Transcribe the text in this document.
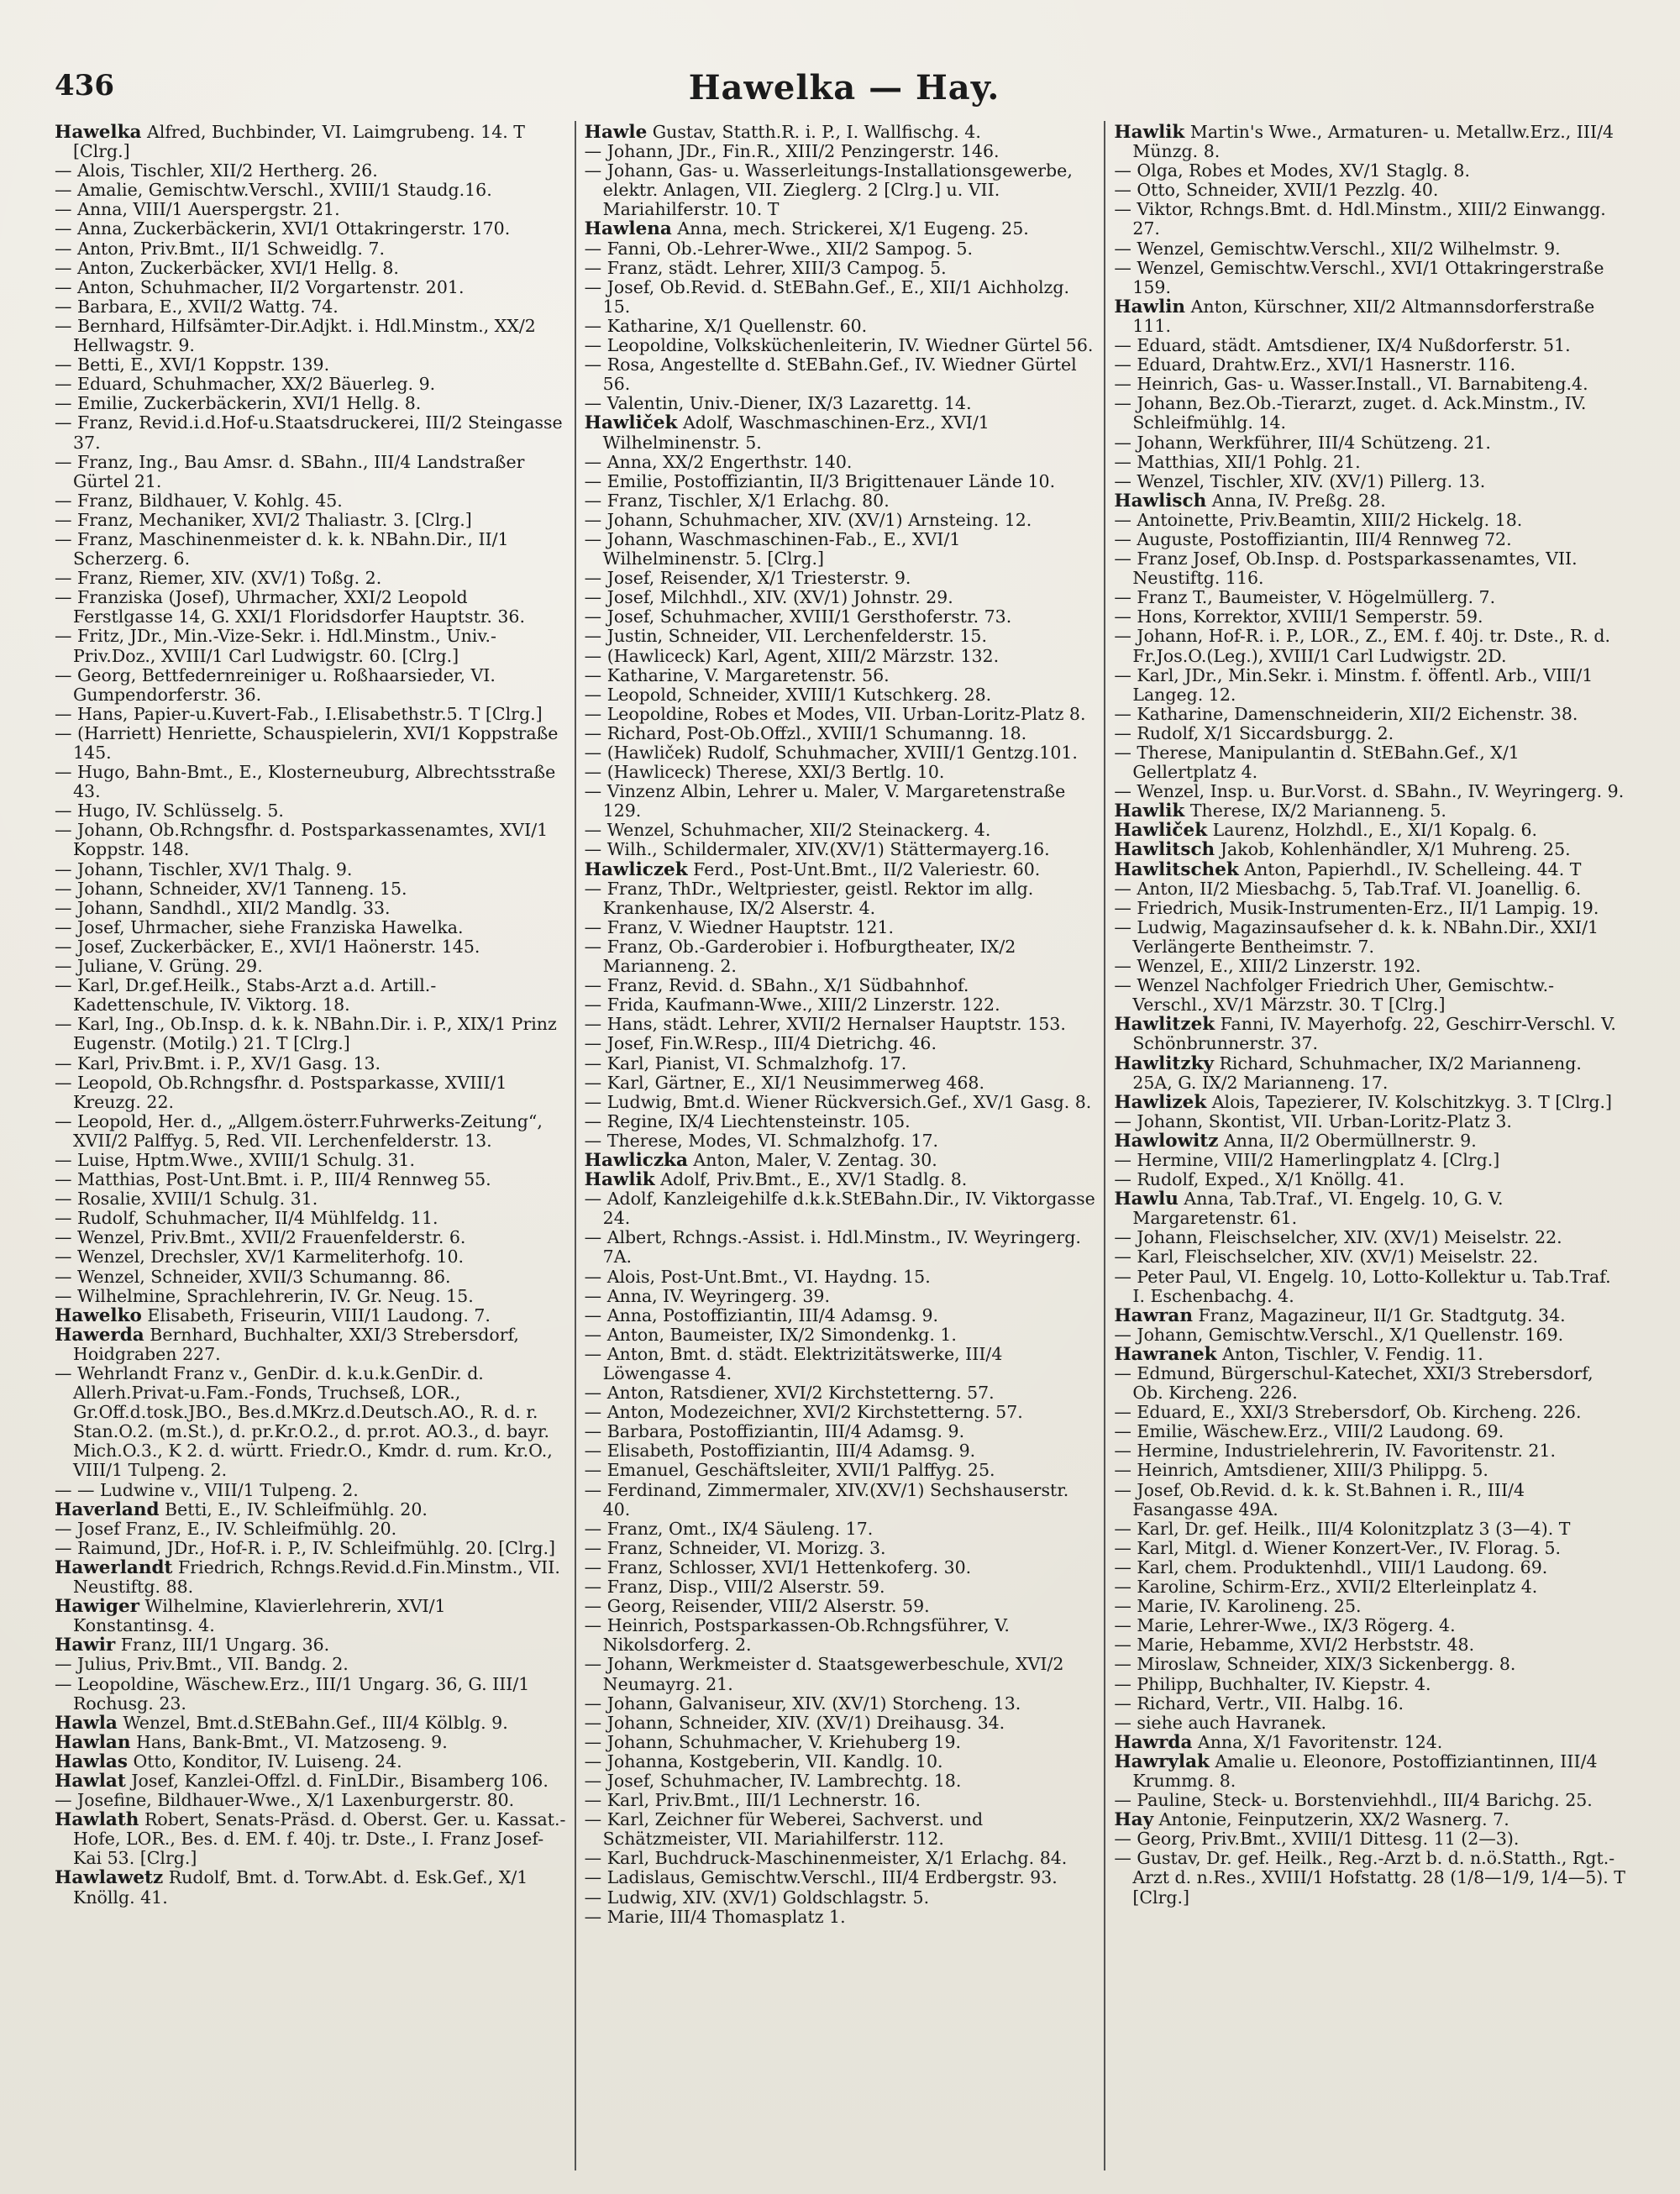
436	Hawelka — Hay.
Hawelka Alfred, Buchbinder, VI. Laimgrubeng. 14. T [Clrg.]
— Alois, Tischler, XII/2 Hertherg. 26.
— Amalie, Gemischtw.Verschl., XVIII/1 Staudg.16.
— Anna, VIII/1 Auerspergstr. 21.
— Anna, Zuckerbäckerin, XVI/1 Ottakringerstr. 170.
— Anton, Priv.Bmt., II/1 Schweidlg. 7.
— Anton, Zuckerbäcker, XVI/1 Hellg. 8.
— Anton, Schuhmacher, II/2 Vorgartenstr. 201.
— Barbara, E., XVII/2 Wattg. 74.
— Bernhard, Hilfsämter-Dir.Adjkt. i. Hdl.Minstm., XX/2 Hellwagstr. 9.
— Betti, E., XVI/1 Koppstr. 139.
— Eduard, Schuhmacher, XX/2 Bäuerleg. 9.
— Emilie, Zuckerbäckerin, XVI/1 Hellg. 8.
— Franz, Revid.i.d.Hof-u.Staatsdruckerei, III/2 Steingasse 37.
— Franz, Ing., Bau Amsr. d. SBahn., III/4 Landstraßer Gürtel 21.
— Franz, Bildhauer, V. Kohlg. 45.
— Franz, Mechaniker, XVI/2 Thaliastr. 3. [Clrg.]
— Franz, Maschinenmeister d. k. k. NBahn.Dir., II/1 Scherzerg. 6.
— Franz, Riemer, XIV. (XV/1) Toßg. 2.
— Franziska (Josef), Uhrmacher, XXI/2 Leopold Ferstlgasse 14, G. XXI/1 Floridsdorfer Hauptstr. 36.
— Fritz, JDr., Min.-Vize-Sekr. i. Hdl.Minstm., Univ.-Priv.Doz., XVIII/1 Carl Ludwigstr. 60. [Clrg.]
— Georg, Bettfedernreiniger u. Roßhaarsieder, VI. Gumpendorferstr. 36.
— Hans, Papier-u.Kuvert-Fab., I.Elisabethstr.5. T [Clrg.]
— (Harriett) Henriette, Schauspielerin, XVI/1 Koppstraße 145.
— Hugo, Bahn-Bmt., E., Klosterneuburg, Albrechtsstraße 43.
— Hugo, IV. Schlüsselg. 5.
— Johann, Ob.Rchngsfhr. d. Postsparkassenamtes, XVI/1 Koppstr. 148.
— Johann, Tischler, XV/1 Thalg. 9.
— Johann, Schneider, XV/1 Tanneng. 15.
— Johann, Sandhdl., XII/2 Mandlg. 33.
— Josef, Uhrmacher, siehe Franziska Hawelka.
— Josef, Zuckerbäcker, E., XVI/1 Haönerstr. 145.
— Juliane, V. Grüng. 29.
— Karl, Dr.gef.Heilk., Stabs-Arzt a.d. Artill.-Kadettenschule, IV. Viktorg. 18.
— Karl, Ing., Ob.Insp. d. k. k. NBahn.Dir. i. P., XIX/1 Prinz Eugenstr. (Motilg.) 21. T [Clrg.]
— Karl, Priv.Bmt. i. P., XV/1 Gasg. 13.
— Leopold, Ob.Rchngsfhr. d. Postsparkasse, XVIII/1 Kreuzg. 22.
— Leopold, Her. d., „Allgem.österr.Fuhrwerks-Zeitung“, XVII/2 Palffyg. 5, Red. VII. Lerchenfelderstr. 13.
— Luise, Hptm.Wwe., XVIII/1 Schulg. 31.
— Matthias, Post-Unt.Bmt. i. P., III/4 Rennweg 55.
— Rosalie, XVIII/1 Schulg. 31.
— Rudolf, Schuhmacher, II/4 Mühlfeldg. 11.
— Wenzel, Priv.Bmt., XVII/2 Frauenfelderstr. 6.
— Wenzel, Drechsler, XV/1 Karmeliterhofg. 10.
— Wenzel, Schneider, XVII/3 Schumanng. 86.
— Wilhelmine, Sprachlehrerin, IV. Gr. Neug. 15.
Hawelko Elisabeth, Friseurin, VIII/1 Laudong. 7.
Hawerda Bernhard, Buchhalter, XXI/3 Strebersdorf, Hoidgraben 227.
— Wehrlandt Franz v., GenDir. d. k.u.k.GenDir. d. Allerh.Privat-u.Fam.-Fonds, Truchseß, LOR., Gr.Off.d.tosk.JBO., Bes.d.MKrz.d.Deutsch.AO., R. d. r. Stan.O.2. (m.St.), d. pr.Kr.O.2., d. pr.rot. AO.3., d. bayr. Mich.O.3., K 2. d. württ. Friedr.O., Kmdr. d. rum. Kr.O., VIII/1 Tulpeng. 2.
— — Ludwine v., VIII/1 Tulpeng. 2.
Haverland Betti, E., IV. Schleifmühlg. 20.
— Josef Franz, E., IV. Schleifmühlg. 20.
— Raimund, JDr., Hof-R. i. P., IV. Schleifmühlg. 20. [Clrg.]
Hawerlandt Friedrich, Rchngs.Revid.d.Fin.Minstm., VII. Neustiftg. 88.
Hawiger Wilhelmine, Klavierlehrerin, XVI/1 Konstantinsg. 4.
Hawir Franz, III/1 Ungarg. 36.
— Julius, Priv.Bmt., VII. Bandg. 2.
— Leopoldine, Wäschew.Erz., III/1 Ungarg. 36, G. III/1 Rochusg. 23.
Hawla Wenzel, Bmt.d.StEBahn.Gef., III/4 Kölblg. 9.
Hawlan Hans, Bank-Bmt., VI. Matzoseng. 9.
Hawlas Otto, Konditor, IV. Luiseng. 24.
Hawlat Josef, Kanzlei-Offzl. d. FinLDir., Bisamberg 106.
— Josefine, Bildhauer-Wwe., X/1 Laxenburgerstr. 80.
Hawlath Robert, Senats-Präsd. d. Oberst. Ger. u. Kassat.-Hofe, LOR., Bes. d. EM. f. 40j. tr. Dste., I. Franz Josef-Kai 53. [Clrg.]
Hawlawetz Rudolf, Bmt. d. Torw.Abt. d. Esk.Gef., X/1 Knöllg. 41.
Hawle Gustav, Statth.R. i. P., I. Wallfischg. 4.
— Johann, JDr., Fin.R., XIII/2 Penzingerstr. 146.
— Johann, Gas- u. Wasserleitungs-Installationsgewerbe, elektr. Anlagen, VII. Zieglerg. 2 [Clrg.] u. VII. Mariahilferstr. 10. T
Hawlena Anna, mech. Strickerei, X/1 Eugeng. 25.
— Fanni, Ob.-Lehrer-Wwe., XII/2 Sampog. 5.
— Franz, städt. Lehrer, XIII/3 Campog. 5.
— Josef, Ob.Revid. d. StEBahn.Gef., E., XII/1 Aichholzg. 15.
— Katharine, X/1 Quellenstr. 60.
— Leopoldine, Volksküchenleiterin, IV. Wiedner Gürtel 56.
— Rosa, Angestellte d. StEBahn.Gef., IV. Wiedner Gürtel 56.
— Valentin, Univ.-Diener, IX/3 Lazarettg. 14.
Hawliček Adolf, Waschmaschinen-Erz., XVI/1 Wilhelminenstr. 5.
— Anna, XX/2 Engerthstr. 140.
— Emilie, Postoffiziantin, II/3 Brigittenauer Lände 10.
— Franz, Tischler, X/1 Erlachg. 80.
— Johann, Schuhmacher, XIV. (XV/1) Arnsteing. 12.
— Johann, Waschmaschinen-Fab., E., XVI/1 Wilhelminenstr. 5. [Clrg.]
— Josef, Reisender, X/1 Triesterstr. 9.
— Josef, Milchhdl., XIV. (XV/1) Johnstr. 29.
— Josef, Schuhmacher, XVIII/1 Gersthoferstr. 73.
— Justin, Schneider, VII. Lerchenfelderstr. 15.
— (Hawliceck) Karl, Agent, XIII/2 Märzstr. 132.
— Katharine, V. Margaretenstr. 56.
— Leopold, Schneider, XVIII/1 Kutschkerg. 28.
— Leopoldine, Robes et Modes, VII. Urban-Loritz-Platz 8.
— Richard, Post-Ob.Offzl., XVIII/1 Schumanng. 18.
— (Hawliček) Rudolf, Schuhmacher, XVIII/1 Gentzg.101.
— (Hawliceck) Therese, XXI/3 Bertlg. 10.
— Vinzenz Albin, Lehrer u. Maler, V. Margaretenstraße 129.
— Wenzel, Schuhmacher, XII/2 Steinackerg. 4.
— Wilh., Schildermaler, XIV.(XV/1) Stättermayerg.16.
Hawliczek Ferd., Post-Unt.Bmt., II/2 Valeriestr. 60.
— Franz, ThDr., Weltpriester, geistl. Rektor im allg. Krankenhause, IX/2 Alserstr. 4.
— Franz, V. Wiedner Hauptstr. 121.
— Franz, Ob.-Garderobier i. Hofburgtheater, IX/2 Marianneng. 2.
— Franz, Revid. d. SBahn., X/1 Südbahnhof.
— Frida, Kaufmann-Wwe., XIII/2 Linzerstr. 122.
— Hans, städt. Lehrer, XVII/2 Hernalser Hauptstr. 153.
— Josef, Fin.W.Resp., III/4 Dietrichg. 46.
— Karl, Pianist, VI. Schmalzhofg. 17.
— Karl, Gärtner, E., XI/1 Neusimmerweg 468.
— Ludwig, Bmt.d. Wiener Rückversich.Gef., XV/1 Gasg. 8.
— Regine, IX/4 Liechtensteinstr. 105.
— Therese, Modes, VI. Schmalzhofg. 17.
Hawliczka Anton, Maler, V. Zentag. 30.
Hawlik Adolf, Priv.Bmt., E., XV/1 Stadlg. 8.
— Adolf, Kanzleigehilfe d.k.k.StEBahn.Dir., IV. Viktorgasse 24.
— Albert, Rchngs.-Assist. i. Hdl.Minstm., IV. Weyringerg. 7A.
— Alois, Post-Unt.Bmt., VI. Haydng. 15.
— Anna, IV. Weyringerg. 39.
— Anna, Postoffiziantin, III/4 Adamsg. 9.
— Anton, Baumeister, IX/2 Simondenkg. 1.
— Anton, Bmt. d. städt. Elektrizitätswerke, III/4 Löwengasse 4.
— Anton, Ratsdiener, XVI/2 Kirchstetterng. 57.
— Anton, Modezeichner, XVI/2 Kirchstetterng. 57.
— Barbara, Postoffiziantin, III/4 Adamsg. 9.
— Elisabeth, Postoffiziantin, III/4 Adamsg. 9.
— Emanuel, Geschäftsleiter, XVII/1 Palffyg. 25.
— Ferdinand, Zimmermaler, XIV.(XV/1) Sechshauserstr. 40.
— Franz, Omt., IX/4 Säuleng. 17.
— Franz, Schneider, VI. Morizg. 3.
— Franz, Schlosser, XVI/1 Hettenkoferg. 30.
— Franz, Disp., VIII/2 Alserstr. 59.
— Georg, Reisender, VIII/2 Alserstr. 59.
— Heinrich, Postsparkassen-Ob.Rchngsführer, V. Nikolsdorferg. 2.
— Johann, Werkmeister d. Staatsgewerbeschule, XVI/2 Neumayrg. 21.
— Johann, Galvaniseur, XIV. (XV/1) Storcheng. 13.
— Johann, Schneider, XIV. (XV/1) Dreihausg. 34.
— Johann, Schuhmacher, V. Kriehuberg 19.
— Johanna, Kostgeberin, VII. Kandlg. 10.
— Josef, Schuhmacher, IV. Lambrechtg. 18.
— Karl, Priv.Bmt., III/1 Lechnerstr. 16.
— Karl, Zeichner für Weberei, Sachverst. und Schätzmeister, VII. Mariahilferstr. 112.
— Karl, Buchdruck-Maschinenmeister, X/1 Erlachg. 84.
— Ladislaus, Gemischtw.Verschl., III/4 Erdbergstr. 93.
— Ludwig, XIV. (XV/1) Goldschlagstr. 5.
— Marie, III/4 Thomasplatz 1.
Hawlik Martin's Wwe., Armaturen- u. Metallw.Erz., III/4 Münzg. 8.
— Olga, Robes et Modes, XV/1 Staglg. 8.
— Otto, Schneider, XVII/1 Pezzlg. 40.
— Viktor, Rchngs.Bmt. d. Hdl.Minstm., XIII/2 Einwangg. 27.
— Wenzel, Gemischtw.Verschl., XII/2 Wilhelmstr. 9.
— Wenzel, Gemischtw.Verschl., XVI/1 Ottakringerstraße 159.
Hawlin Anton, Kürschner, XII/2 Altmannsdorferstraße 111.
— Eduard, städt. Amtsdiener, IX/4 Nußdorferstr. 51.
— Eduard, Drahtw.Erz., XVI/1 Hasnerstr. 116.
— Heinrich, Gas- u. Wasser.Install., VI. Barnabiteng.4.
— Johann, Bez.Ob.-Tierarzt, zuget. d. Ack.Minstm., IV. Schleifmühlg. 14.
— Johann, Werkführer, III/4 Schützeng. 21.
— Matthias, XII/1 Pohlg. 21.
— Wenzel, Tischler, XIV. (XV/1) Pillerg. 13.
Hawlisch Anna, IV. Preßg. 28.
— Antoinette, Priv.Beamtin, XIII/2 Hickelg. 18.
— Auguste, Postoffiziantin, III/4 Rennweg 72.
— Franz Josef, Ob.Insp. d. Postsparkassenamtes, VII. Neustiftg. 116.
— Franz T., Baumeister, V. Högelmüllerg. 7.
— Hons, Korrektor, XVIII/1 Semperstr. 59.
— Johann, Hof-R. i. P., LOR., Z., EM. f. 40j. tr. Dste., R. d. Fr.Jos.O.(Leg.), XVIII/1 Carl Ludwigstr. 2D.
— Karl, JDr., Min.Sekr. i. Minstm. f. öffentl. Arb., VIII/1 Langeg. 12.
— Katharine, Damenschneiderin, XII/2 Eichenstr. 38.
— Rudolf, X/1 Siccardsburgg. 2.
— Therese, Manipulantin d. StEBahn.Gef., X/1 Gellertplatz 4.
— Wenzel, Insp. u. Bur.Vorst. d. SBahn., IV. Weyringerg. 9.
Hawlik Therese, IX/2 Marianneng. 5.
Hawliček Laurenz, Holzhdl., E., XI/1 Kopalg. 6.
Hawlitsch Jakob, Kohlenhändler, X/1 Muhreng. 25.
Hawlitschek Anton, Papierhdl., IV. Schelleing. 44. T
— Anton, II/2 Miesbachg. 5, Tab.Traf. VI. Joanellig. 6.
— Friedrich, Musik-Instrumenten-Erz., II/1 Lampig. 19.
— Ludwig, Magazinsaufseher d. k. k. NBahn.Dir., XXI/1 Verlängerte Bentheimstr. 7.
— Wenzel, E., XIII/2 Linzerstr. 192.
— Wenzel Nachfolger Friedrich Uher, Gemischtw.-Verschl., XV/1 Märzstr. 30. T [Clrg.]
Hawlitzek Fanni, IV. Mayerhofg. 22, Geschirr-Verschl. V. Schönbrunnerstr. 37.
Hawlitzky Richard, Schuhmacher, IX/2 Marianneng. 25A, G. IX/2 Marianneng. 17.
Hawlizek Alois, Tapezierer, IV. Kolschitzkyg. 3. T [Clrg.]
— Johann, Skontist, VII. Urban-Loritz-Platz 3.
Hawlowitz Anna, II/2 Obermüllnerstr. 9.
— Hermine, VIII/2 Hamerlingplatz 4. [Clrg.]
— Rudolf, Exped., X/1 Knöllg. 41.
Hawlu Anna, Tab.Traf., VI. Engelg. 10, G. V. Margaretenstr. 61.
— Johann, Fleischselcher, XIV. (XV/1) Meiselstr. 22.
— Karl, Fleischselcher, XIV. (XV/1) Meiselstr. 22.
— Peter Paul, VI. Engelg. 10, Lotto-Kollektur u. Tab.Traf. I. Eschenbachg. 4.
Hawran Franz, Magazineur, II/1 Gr. Stadtgutg. 34.
— Johann, Gemischtw.Verschl., X/1 Quellenstr. 169.
Hawranek Anton, Tischler, V. Fendig. 11.
— Edmund, Bürgerschul-Katechet, XXI/3 Strebersdorf, Ob. Kircheng. 226.
— Eduard, E., XXI/3 Strebersdorf, Ob. Kircheng. 226.
— Emilie, Wäschew.Erz., VIII/2 Laudong. 69.
— Hermine, Industrielehrerin, IV. Favoritenstr. 21.
— Heinrich, Amtsdiener, XIII/3 Philippg. 5.
— Josef, Ob.Revid. d. k. k. St.Bahnen i. R., III/4 Fasangasse 49A.
— Karl, Dr. gef. Heilk., III/4 Kolonitzplatz 3 (3—4). T
— Karl, Mitgl. d. Wiener Konzert-Ver., IV. Florag. 5.
— Karl, chem. Produktenhdl., VIII/1 Laudong. 69.
— Karoline, Schirm-Erz., XVII/2 Elterleinplatz 4.
— Marie, IV. Karolineng. 25.
— Marie, Lehrer-Wwe., IX/3 Rögerg. 4.
— Marie, Hebamme, XVI/2 Herbststr. 48.
— Miroslaw, Schneider, XIX/3 Sickenbergg. 8.
— Philipp, Buchhalter, IV. Kiepstr. 4.
— Richard, Vertr., VII. Halbg. 16.
— siehe auch Havranek.
Hawrda Anna, X/1 Favoritenstr. 124.
Hawrylak Amalie u. Eleonore, Postoffiziantinnen, III/4 Krummg. 8.
— Pauline, Steck- u. Borstenviehhdl., III/4 Barichg. 25.
Hay Antonie, Feinputzerin, XX/2 Wasnerg. 7.
— Georg, Priv.Bmt., XVIII/1 Dittesg. 11 (2—3).
— Gustav, Dr. gef. Heilk., Reg.-Arzt b. d. n.ö.Statth., Rgt.-Arzt d. n.Res., XVIII/1 Hofstattg. 28 (1/8—1/9, 1/4—5). T [Clrg.]
